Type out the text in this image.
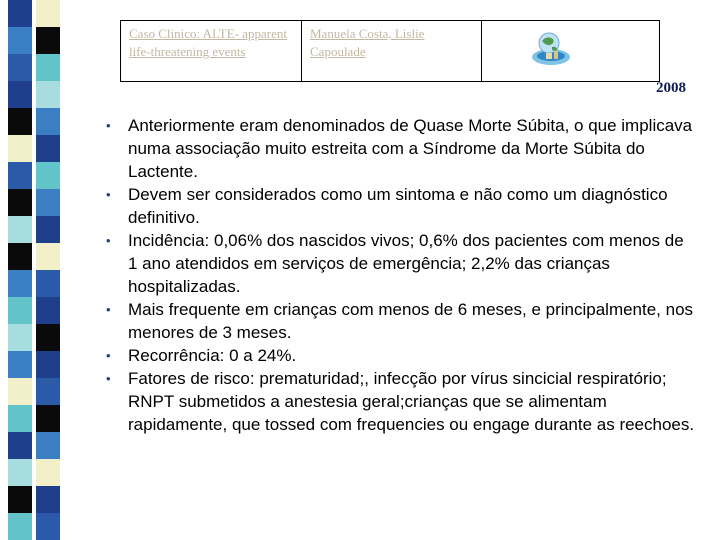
Caso Clinico: ALTE- apparent life-threatening events
Manuela Costa, Lislie Capoulade
2008
• Anteriormente eram denominados de Quase Morte Súbita, o que implicava numa associação muito estreita com a Síndrome da Morte Súbita do Lactente.
• Devem ser considerados como um sintoma e não como um diagnóstico definitivo.
• Incidência: 0,06% dos nascidos vivos; 0,6% dos pacientes com menos de 1 ano atendidos em serviços de emergência; 2,2% das crianças hospitalizadas.
• Mais frequente em crianças com menos de 6 meses, e principalmente, nos menores de 3 meses.
• Recorrência: 0 a 24%.
• Fatores de risco: prematuridad;, infecção por vírus sincicial respiratório; RNPT submetidos a anestesia geral;crianças que se alimentam rapidamente, que tossed com frequencies ou engage durante as reechoes.
